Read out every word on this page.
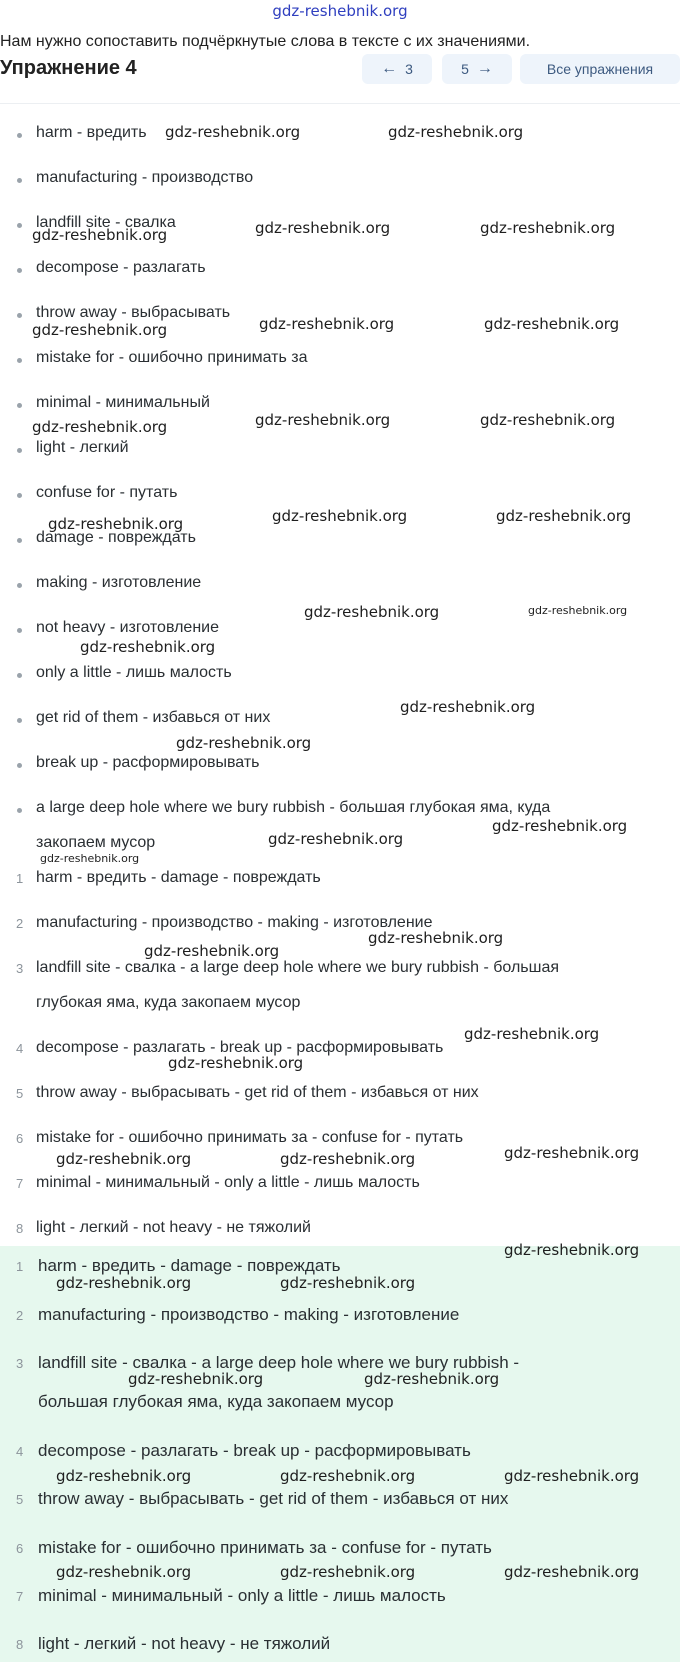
gdz-reshebnik.org
Нам нужно сопоставить подчёркнутые слова в тексте с их значениями.
Упражнение 4	← 3	5 →	Все упражнения
harm - вредить
manufacturing - производство
landfill site - свалка
decompose - разлагать
throw away - выбрасывать
mistake for - ошибочно принимать за
minimal - минимальный
light - легкий
confuse for - путать
damage - повреждать
making - изготовление
not heavy - изготовление
only a little - лишь малость
get rid of them - избавься от них
break up - расформировывать
a large deep hole where we bury rubbish - большая глубокая яма, куда
закопаем мусор
1 harm - вредить - damage - повреждать
2 manufacturing - производство - making - изготовление
3 landfill site - свалка - a large deep hole where we bury rubbish - большая
глубокая яма, куда закопаем мусор
4 decompose - разлагать - break up - расформировывать
5 throw away - выбрасывать - get rid of them - избавься от них
6 mistake for - ошибочно принимать за - confuse for - путать
7 minimal - минимальный - only a little - лишь малость
8 light - легкий - not heavy - не тяжолий
1 harm - вредить - damage - повреждать
2 manufacturing - производство - making - изготовление
3 landfill site - свалка - a large deep hole where we bury rubbish -
большая глубокая яма, куда закопаем мусор
4 decompose - разлагать - break up - расформировывать
5 throw away - выбрасывать - get rid of them - избавься от них
6 mistake for - ошибочно принимать за - confuse for - путать
7 minimal - минимальный - only a little - лишь малость
8 light - легкий - not heavy - не тяжолий
gdz-reshebnik.org	gdz-reshebnik.org
gdz-reshebnik.org	gdz-reshebnik.org	gdz-reshebnik.org
gdz-reshebnik.org	gdz-reshebnik.org	gdz-reshebnik.org
gdz-reshebnik.org	gdz-reshebnik.org	gdz-reshebnik.org
gdz-reshebnik.org	gdz-reshebnik.org	gdz-reshebnik.org
gdz-reshebnik.org	gdz-reshebnik.org
gdz-reshebnik.org
gdz-reshebnik.org
gdz-reshebnik.org
gdz-reshebnik.org
gdz-reshebnik.org
gdz-reshebnik.org
gdz-reshebnik.org
gdz-reshebnik.org
gdz-reshebnik.org
gdz-reshebnik.org
gdz-reshebnik.org	gdz-reshebnik.org	gdz-reshebnik.org
gdz-reshebnik.org
gdz-reshebnik.org	gdz-reshebnik.org
gdz-reshebnik.org	gdz-reshebnik.org
gdz-reshebnik.org	gdz-reshebnik.org	gdz-reshebnik.org
gdz-reshebnik.org	gdz-reshebnik.org	gdz-reshebnik.org
